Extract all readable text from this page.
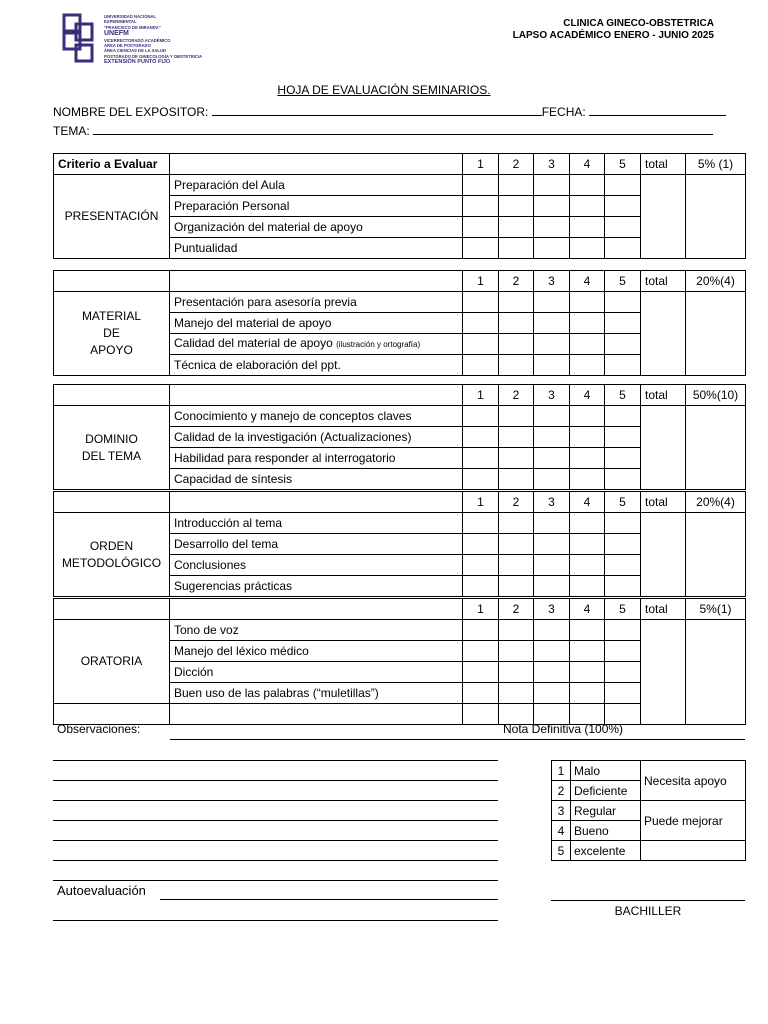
UNIVERSIDAD NACIONAL
EXPERIMENTAL
"FRANCISCO DE MIRANDA"
UNEFM
VICERRECTORADO ACADÉMICO
ÁREA DE POSTGRADO
ÁREA CIENCIAS DE LA SALUD
POSTGRADO DE GINECOLOGÍA Y OBSTETRICIA
EXTENSIÓN PUNTO FIJO
CLINICA GINECO-OBSTETRICA
LAPSO ACADÉMICO ENERO - JUNIO 2025
HOJA DE EVALUACIÓN SEMINARIOS.
NOMBRE DEL EXPOSITOR:	FECHA:
TEMA:
Criterio a Evaluar		1	2	3	4	5	total	5% (1)
PRESENTACIÓN	Preparación del Aula							
	Preparación Personal							
	Organización del material de apoyo							
	Puntualidad							
		1	2	3	4	5	total	20%(4)

MATERIAL
DE
APOYO	Presentación para asesoría previa							
	Manejo del material de apoyo							
	Calidad del material de apoyo (ilustración y ortografía)							
	Técnica de elaboración del ppt.							
		1	2	3	4	5	total	50%(10)

DOMINIO
DEL TEMA	Conocimiento y manejo de conceptos claves							
	Calidad de la investigación (Actualizaciones)							
	Habilidad para responder al interrogatorio							
	Capacidad de síntesis							
		1	2	3	4	5	total	20%(4)

ORDEN
METODOLÓGICO	Introducción al tema							
	Desarrollo del tema							
	Conclusiones							
	Sugerencias prácticas							
		1	2	3	4	5	total	5%(1)
ORATORIA	Tono de voz							
	Manejo del léxico médico							
	Dicción							
	Buen uso de las palabras (“muletillas”)							

Observaciones:	Nota Definitiva (100%)
Autoevaluación
1	Malo	Necesita apoyo
2	Deficiente	
3	Regular	Puede mejorar
4	Bueno	
5	excelente	
BACHILLER
